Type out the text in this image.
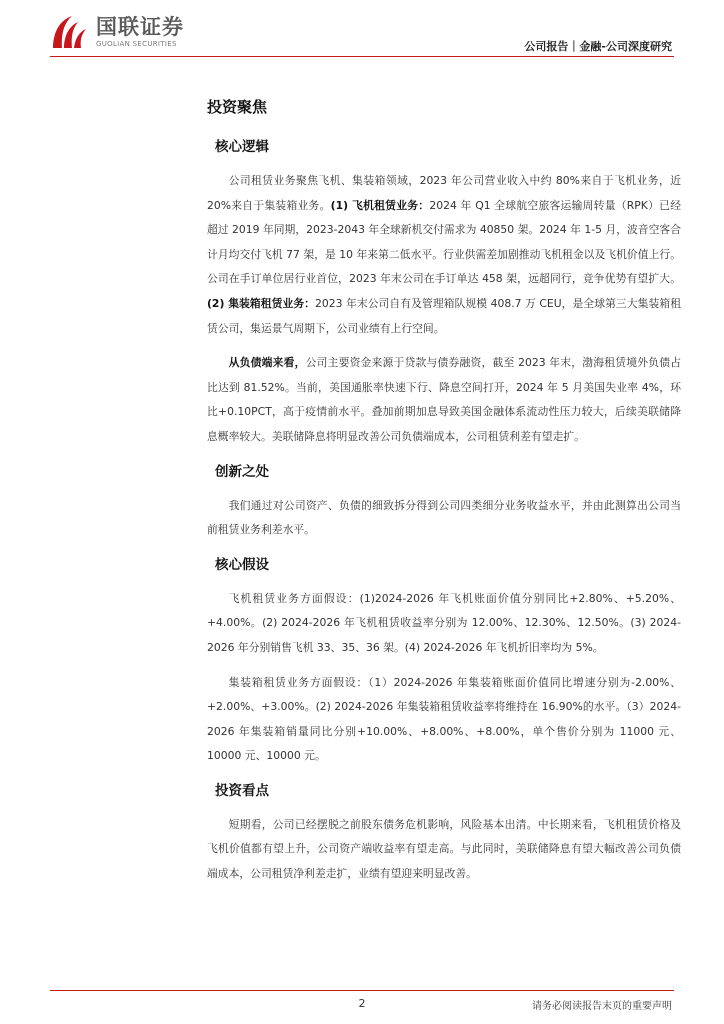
国联证券
GUOLIAN SECURITIES	公司报告｜金融-公司深度研究
投资聚焦
核心逻辑

公司租赁业务聚焦飞机、集装箱领域，2023 年公司营业收入中约 80%来自于飞机业务，近 20%来自于集装箱业务。(1) 飞机租赁业务：2024 年 Q1 全球航空旅客运输周转量（RPK）已经超过 2019 年同期，2023-2043 年全球新机交付需求为 40850 架。2024 年 1-5 月，波音空客合计月均交付飞机 77 架，是 10 年来第二低水平。行业供需差加剧推动飞机租金以及飞机价值上行。公司在手订单位居行业首位，2023 年末公司在手订单达 458 架，远超同行，竞争优势有望扩大。(2) 集装箱租赁业务：2023 年末公司自有及管理箱队规模 408.7 万 CEU，是全球第三大集装箱租赁公司，集运景气周期下，公司业绩有上行空间。

从负债端来看，公司主要资金来源于贷款与债券融资，截至 2023 年末，渤海租赁境外负债占比达到 81.52%。当前，美国通胀率快速下行、降息空间打开，2024 年 5 月美国失业率 4%，环比+0.10PCT，高于疫情前水平。叠加前期加息导致美国金融体系流动性压力较大，后续美联储降息概率较大。美联储降息将明显改善公司负债端成本，公司租赁利差有望走扩。

创新之处

我们通过对公司资产、负债的细致拆分得到公司四类细分业务收益水平，并由此测算出公司当前租赁业务利差水平。

核心假设

飞机租赁业务方面假设：(1)2024-2026 年飞机账面价值分别同比+2.80%、+5.20%、+4.00%。(2) 2024-2026 年飞机租赁收益率分别为 12.00%、12.30%、12.50%。(3) 2024-2026 年分别销售飞机 33、35、36 架。(4) 2024-2026 年飞机折旧率均为 5%。

集装箱租赁业务方面假设：（1）2024-2026 年集装箱账面价值同比增速分别为-2.00%、+2.00%、+3.00%。(2) 2024-2026 年集装箱租赁收益率将维持在 16.90%的水平。（3）2024-2026 年集装箱销量同比分别+10.00%、+8.00%、+8.00%，单个售价分别为 11000 元、10000 元、10000 元。

投资看点

短期看，公司已经摆脱之前股东债务危机影响，风险基本出清。中长期来看，飞机租赁价格及飞机价值都有望上升，公司资产端收益率有望走高。与此同时，美联储降息有望大幅改善公司负债端成本，公司租赁净利差走扩，业绩有望迎来明显改善。

2	请务必阅读报告末页的重要声明
